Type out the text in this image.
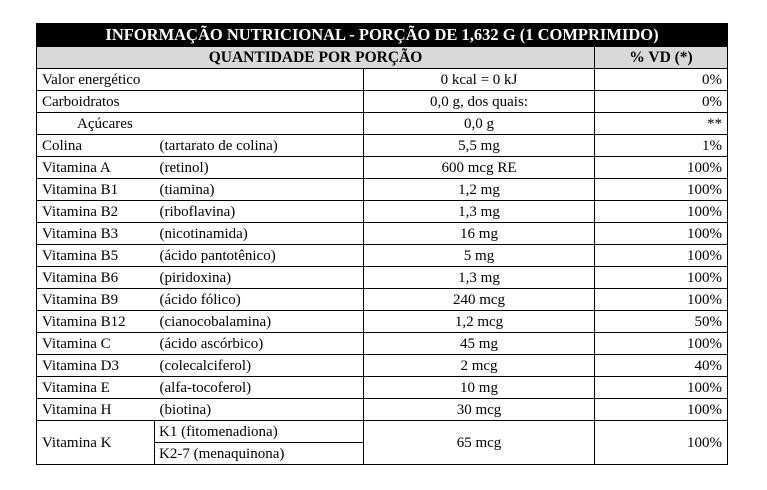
INFORMAÇÃO NUTRICIONAL - PORÇÃO DE 1,632 G (1 COMPRIMIDO)			
QUANTIDADE POR PORÇÃO			% VD (*)
Valor energético		0 kcal = 0 kJ	0%
Carboidratos		0,0 g, dos quais:	0%
Açúcares		0,0 g	**
Colina	(tartarato de colina)	5,5 mg	1%
Vitamina A	(retinol)	600 mcg RE	100%
Vitamina B1	(tiamina)	1,2 mg	100%
Vitamina B2	(riboflavina)	1,3 mg	100%
Vitamina B3	(nicotinamida)	16 mg	100%
Vitamina B5	(ácido pantotênico)	5 mg	100%
Vitamina B6	(piridoxina)	1,3 mg	100%
Vitamina B9	(ácido fólico)	240 mcg	100%
Vitamina B12	(cianocobalamina)	1,2 mcg	50%
Vitamina C	(ácido ascórbico)	45 mg	100%
Vitamina D3	(colecalciferol)	2 mcg	40%
Vitamina E	(alfa-tocoferol)	10 mg	100%
Vitamina H	(biotina)	30 mcg	100%
Vitamina K	K1 (fitomenadiona)	65 mcg	100%
	K2-7 (menaquinona)		
